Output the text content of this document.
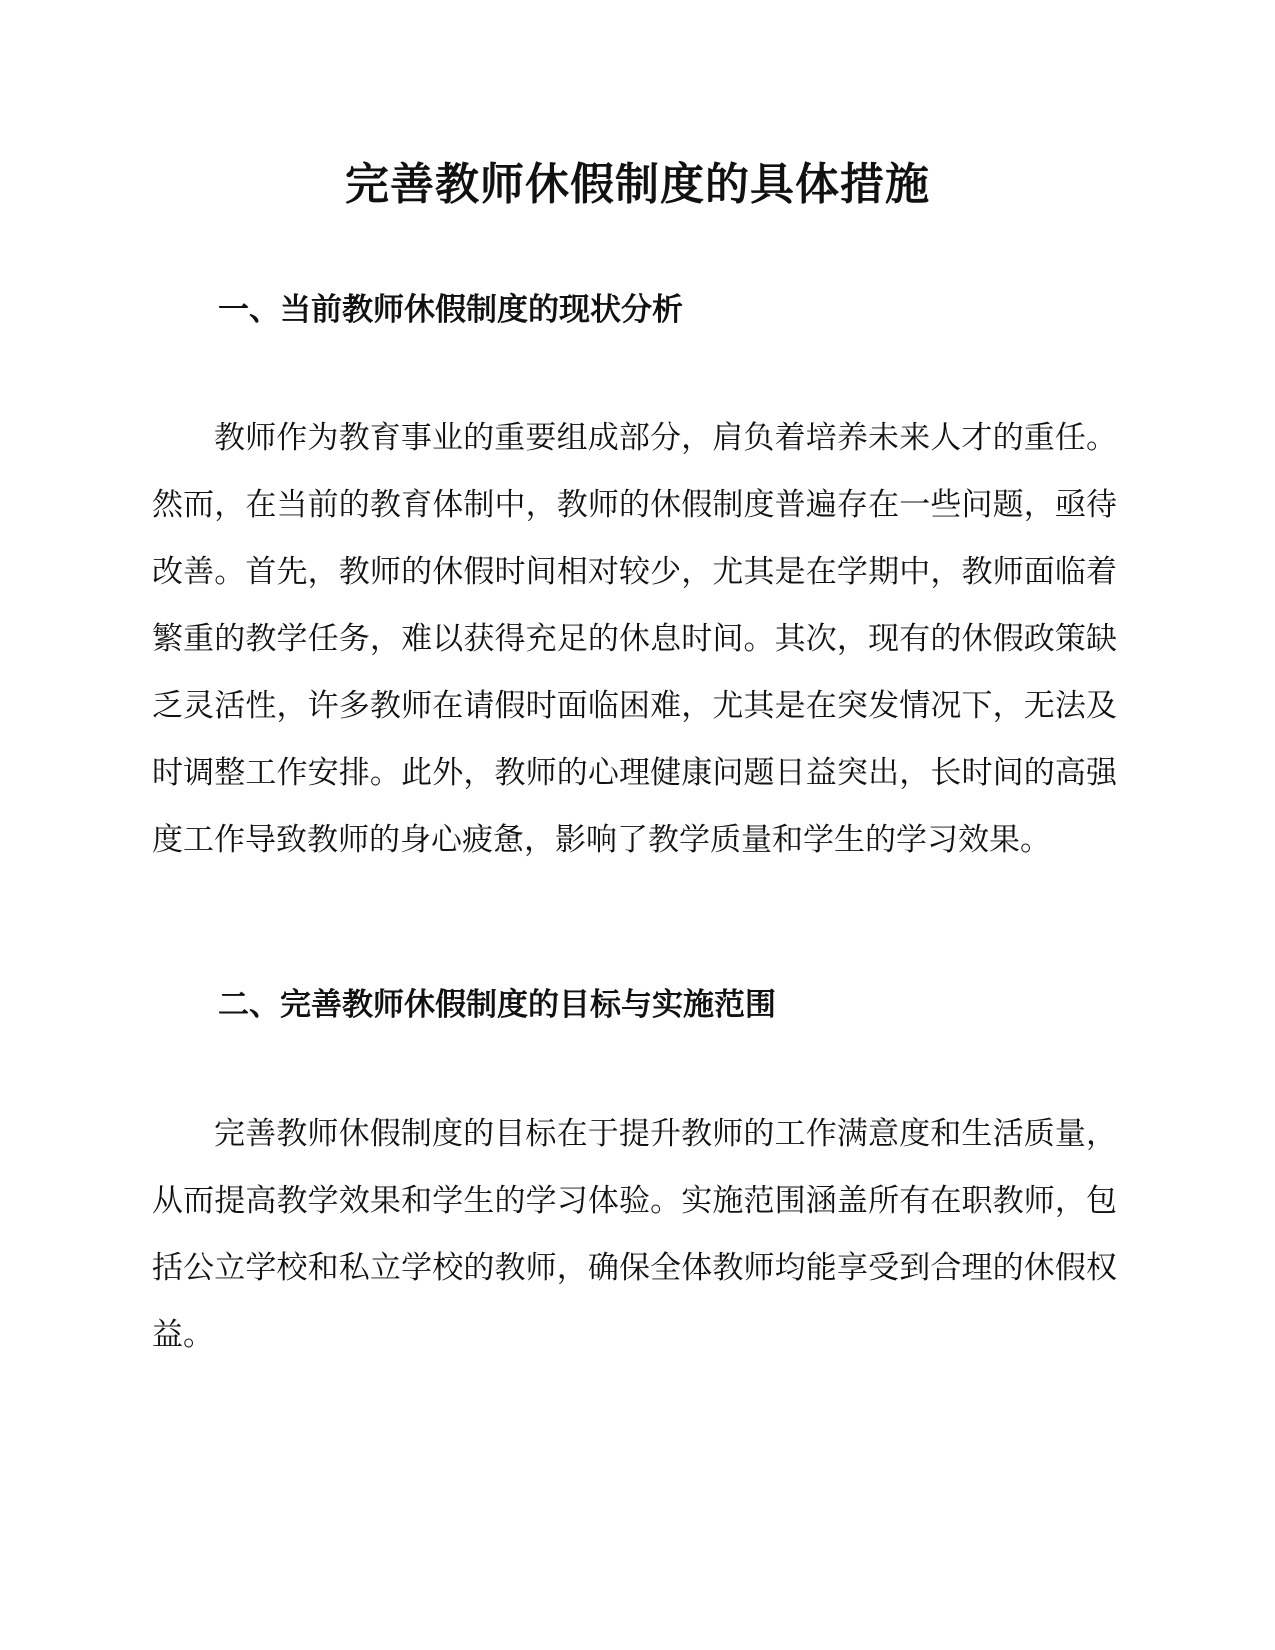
完善教师休假制度的具体措施
一、当前教师休假制度的现状分析

教师作为教育事业的重要组成部分，肩负着培养未来人才的重任。然而，在当前的教育体制中，教师的休假制度普遍存在一些问题，亟待改善。首先，教师的休假时间相对较少，尤其是在学期中，教师面临着繁重的教学任务，难以获得充足的休息时间。其次，现有的休假政策缺乏灵活性，许多教师在请假时面临困难，尤其是在突发情况下，无法及时调整工作安排。此外，教师的心理健康问题日益突出，长时间的高强度工作导致教师的身心疲惫，影响了教学质量和学生的学习效果。

二、完善教师休假制度的目标与实施范围

完善教师休假制度的目标在于提升教师的工作满意度和生活质量，从而提高教学效果和学生的学习体验。实施范围涵盖所有在职教师，包括公立学校和私立学校的教师，确保全体教师均能享受到合理的休假权益。
